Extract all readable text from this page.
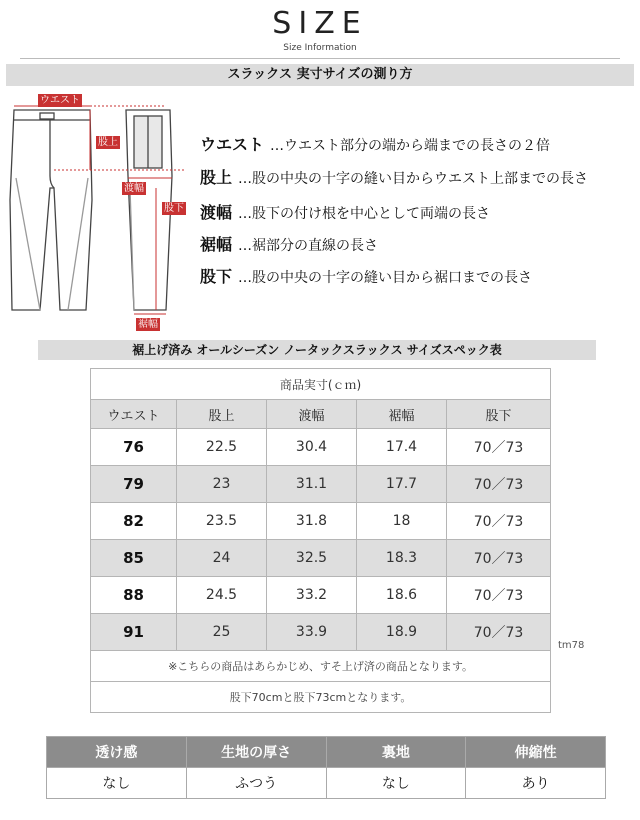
SIZE
Size Information
スラックス 実寸サイズの測り方
ウエスト
股上
渡幅
股下
裾幅
ウエスト …ウエスト部分の端から端までの長さの２倍
股上 …股の中央の十字の縫い目からウエスト上部までの長さ
渡幅 …股下の付け根を中心として両端の長さ
裾幅 …裾部分の直線の長さ
股下 …股の中央の十字の縫い目から裾口までの長さ
裾上げ済み オールシーズン ノータックスラックス サイズスペック表
商品実寸(ｃｍ)				
ウエスト	股上	渡幅	裾幅	股下
76	22.5	30.4	17.4	70／73
79	23	31.1	17.7	70／73
82	23.5	31.8	18	70／73
85	24	32.5	18.3	70／73
88	24.5	33.2	18.6	70／73
91	25	33.9	18.9	70／73
※こちらの商品はあらかじめ、すそ上げ済の商品となります。				
股下70cmと股下73cmとなります。				
tm78
透け感	生地の厚さ	裏地	伸縮性
なし	ふつう	なし	あり
